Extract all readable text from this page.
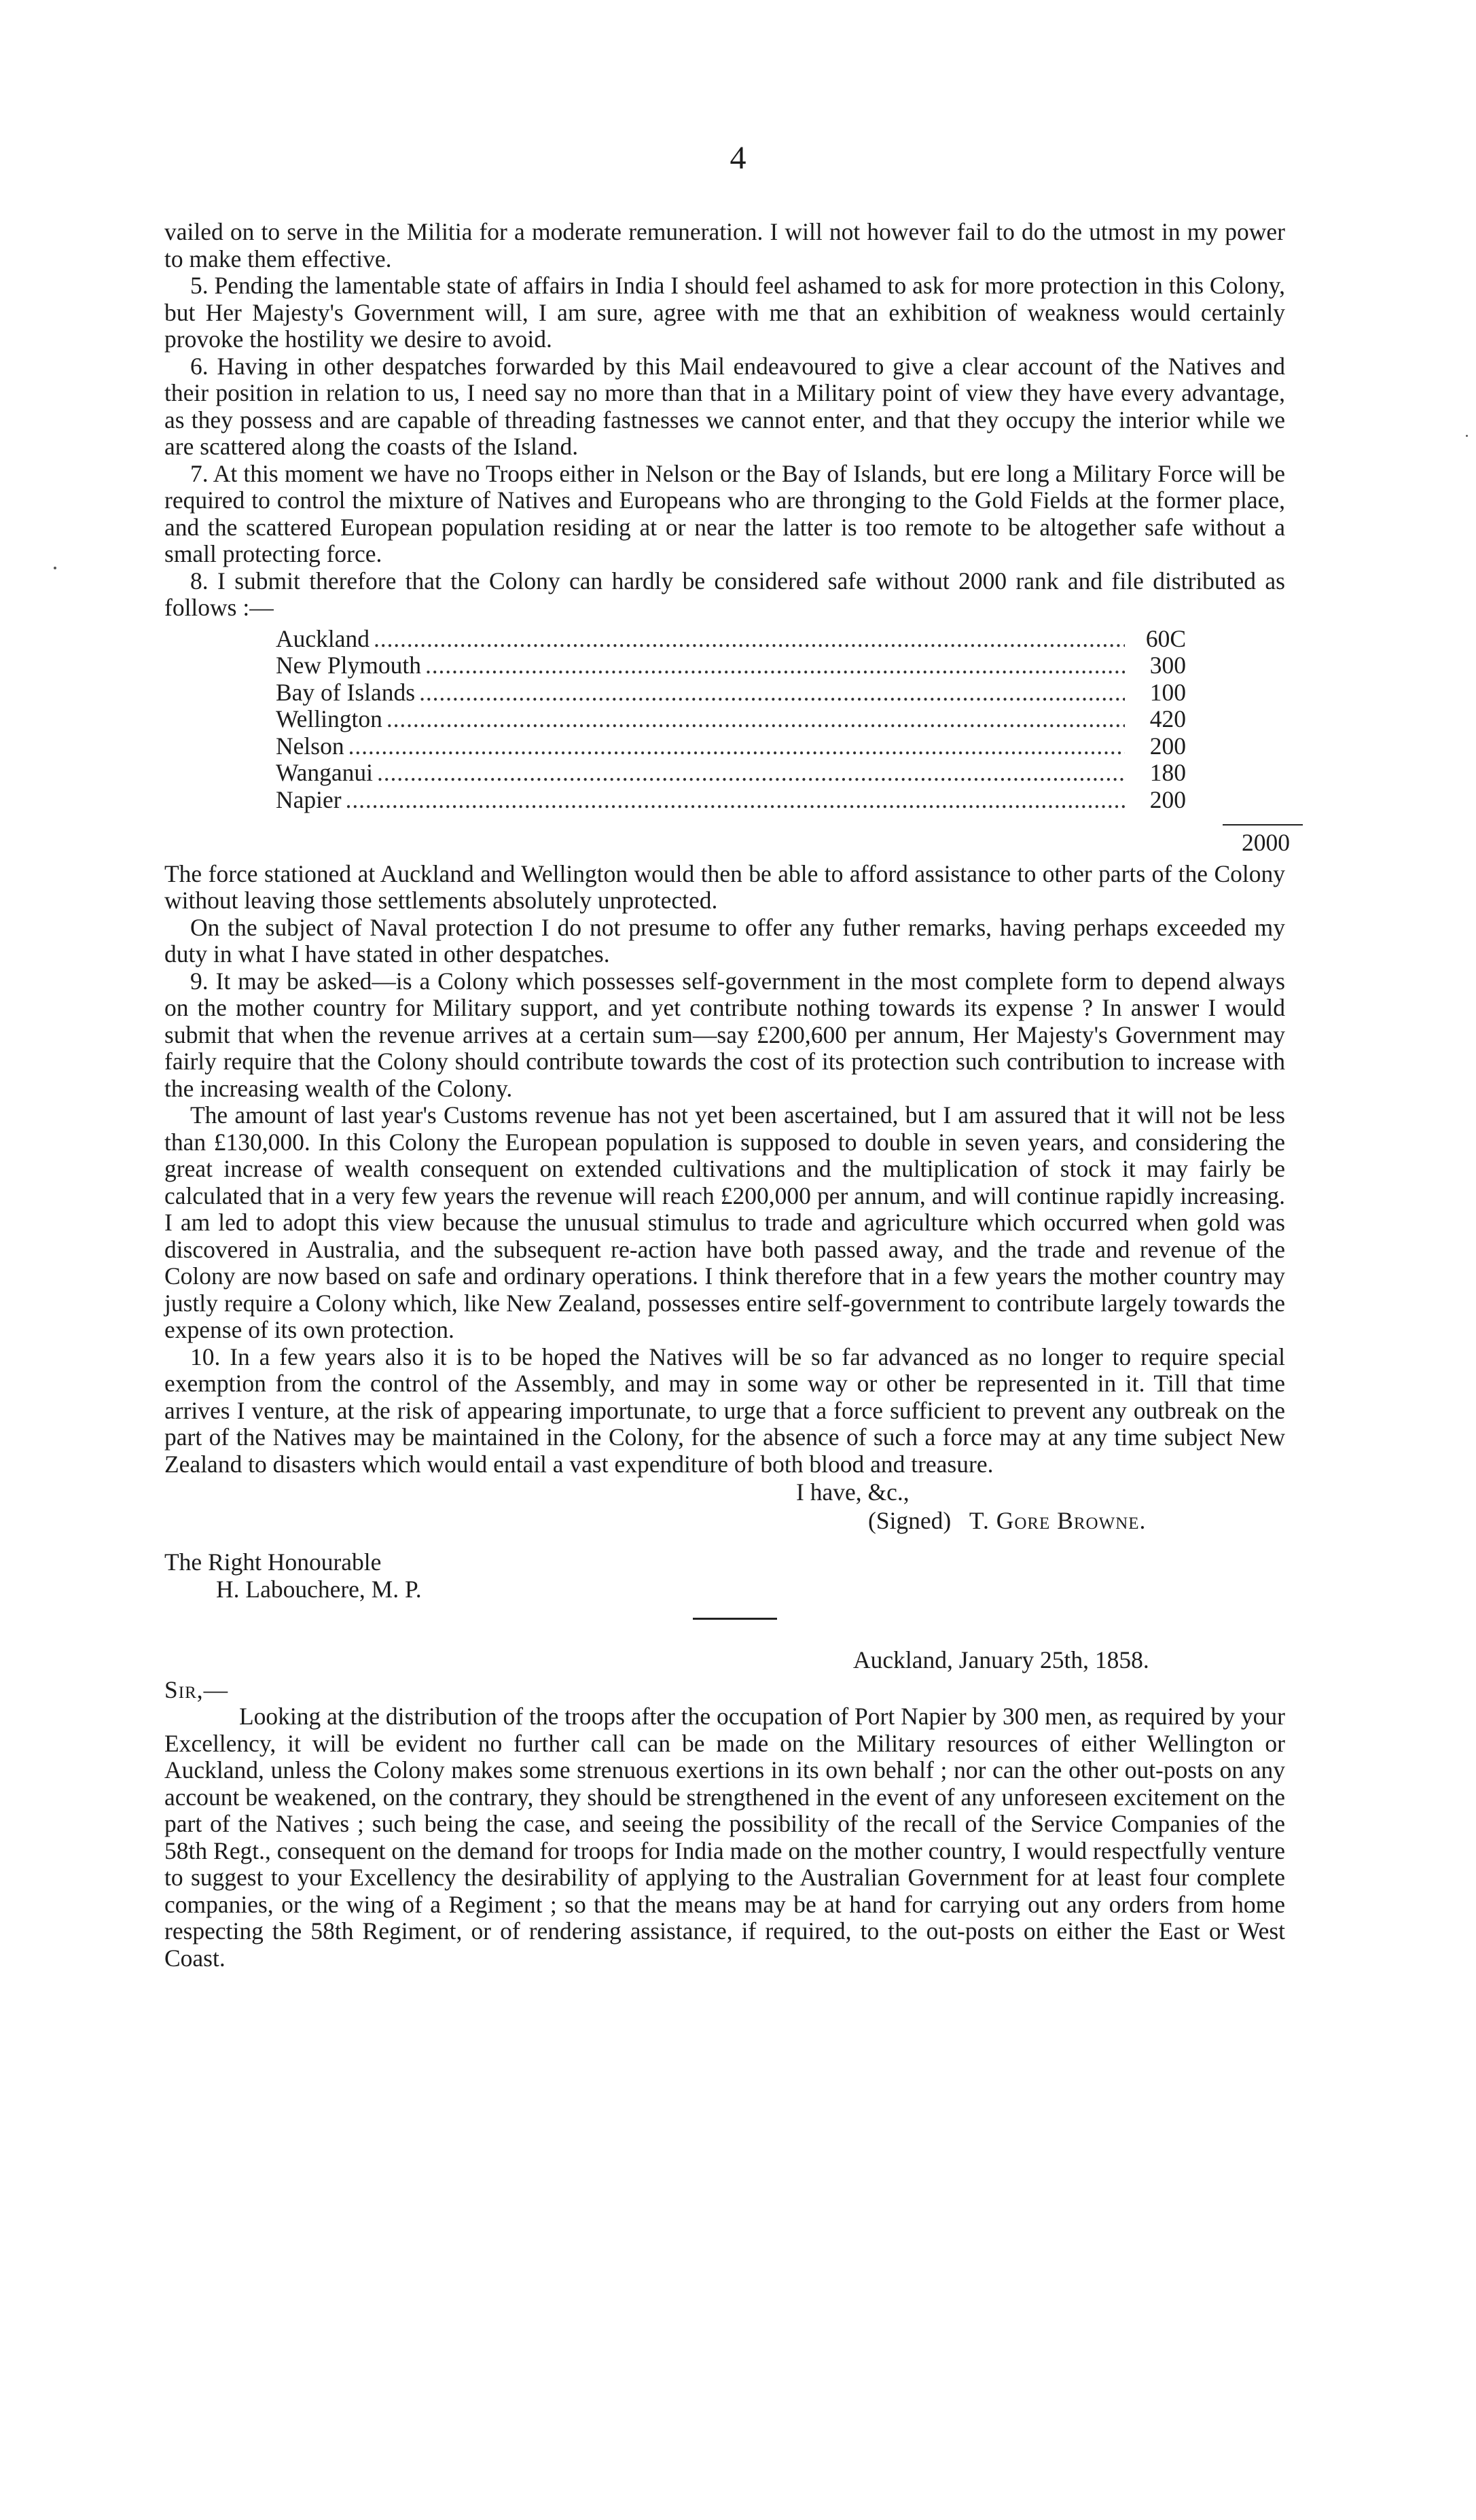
4

vailed on to serve in the Militia for a moderate remuneration. I will not however fail to do the utmost in my power to make them effective.

5. Pending the lamentable state of affairs in India I should feel ashamed to ask for more protection in this Colony, but Her Majesty's Government will, I am sure, agree with me that an exhibition of weakness would certainly provoke the hostility we desire to avoid.

6. Having in other despatches forwarded by this Mail endeavoured to give a clear account of the Natives and their position in relation to us, I need say no more than that in a Military point of view they have every advantage, as they possess and are capable of threading fastnesses we cannot enter, and that they occupy the interior while we are scattered along the coasts of the Island.

7. At this moment we have no Troops either in Nelson or the Bay of Islands, but ere long a Military Force will be required to control the mixture of Natives and Europeans who are thronging to the Gold Fields at the former place, and the scattered European population residing at or near the latter is too remote to be altogether safe without a small protecting force.

8. I submit therefore that the Colony can hardly be considered safe without 2000 rank and file distributed as follows :—

Auckland . . .	60C
New Plymouth . . .	300
Bay of Islands . . .	100
Wellington . . .	420
Nelson . . .	200
Wanganui . . .	180
Napier . . .	200
2000

The force stationed at Auckland and Wellington would then be able to afford assistance to other parts of the Colony without leaving those settlements absolutely unprotected.

On the subject of Naval protection I do not presume to offer any futher remarks, having perhaps exceeded my duty in what I have stated in other despatches.

9. It may be asked—is a Colony which possesses self-government in the most complete form to depend always on the mother country for Military support, and yet contribute nothing towards its expense ? In answer I would submit that when the revenue arrives at a certain sum—say £200,600 per annum, Her Majesty's Government may fairly require that the Colony should contribute towards the cost of its protection such contribution to increase with the increasing wealth of the Colony.

The amount of last year's Customs revenue has not yet been ascertained, but I am assured that it will not be less than £130,000. In this Colony the European population is supposed to double in seven years, and considering the great increase of wealth consequent on extended cultivations and the multiplication of stock it may fairly be calculated that in a very few years the revenue will reach £200,000 per annum, and will continue rapidly increasing. I am led to adopt this view because the unusual stimulus to trade and agriculture which occurred when gold was discovered in Australia, and the subsequent re-action have both passed away, and the trade and revenue of the Colony are now based on safe and ordinary operations. I think therefore that in a few years the mother country may justly require a Colony which, like New Zealand, possesses entire self-government to contribute largely towards the expense of its own protection.

10. In a few years also it is to be hoped the Natives will be so far advanced as no longer to require special exemption from the control of the Assembly, and may in some way or other be represented in it. Till that time arrives I venture, at the risk of appearing importunate, to urge that a force sufficient to prevent any outbreak on the part of the Natives may be maintained in the Colony, for the absence of such a force may at any time subject New Zealand to disasters which would entail a vast expenditure of both blood and treasure.

I have, &c.,
(Signed) T. Gore Browne.
The Right Honourable
H. Labouchere, M. P.
Auckland, January 25th, 1858.
Sir,—

Looking at the distribution of the troops after the occupation of Port Napier by 300 men, as required by your Excellency, it will be evident no further call can be made on the Military resources of either Wellington or Auckland, unless the Colony makes some strenuous exertions in its own behalf ; nor can the other out-posts on any account be weakened, on the contrary, they should be strengthened in the event of any unforeseen excitement on the part of the Natives ; such being the case, and seeing the possibility of the recall of the Service Companies of the 58th Regt., consequent on the demand for troops for India made on the mother country, I would respectfully venture to suggest to your Excellency the desirability of applying to the Australian Government for at least four complete companies, or the wing of a Regiment ; so that the means may be at hand for carrying out any orders from home respecting the 58th Regiment, or of rendering assistance, if required, to the out-posts on either the East or West Coast.
